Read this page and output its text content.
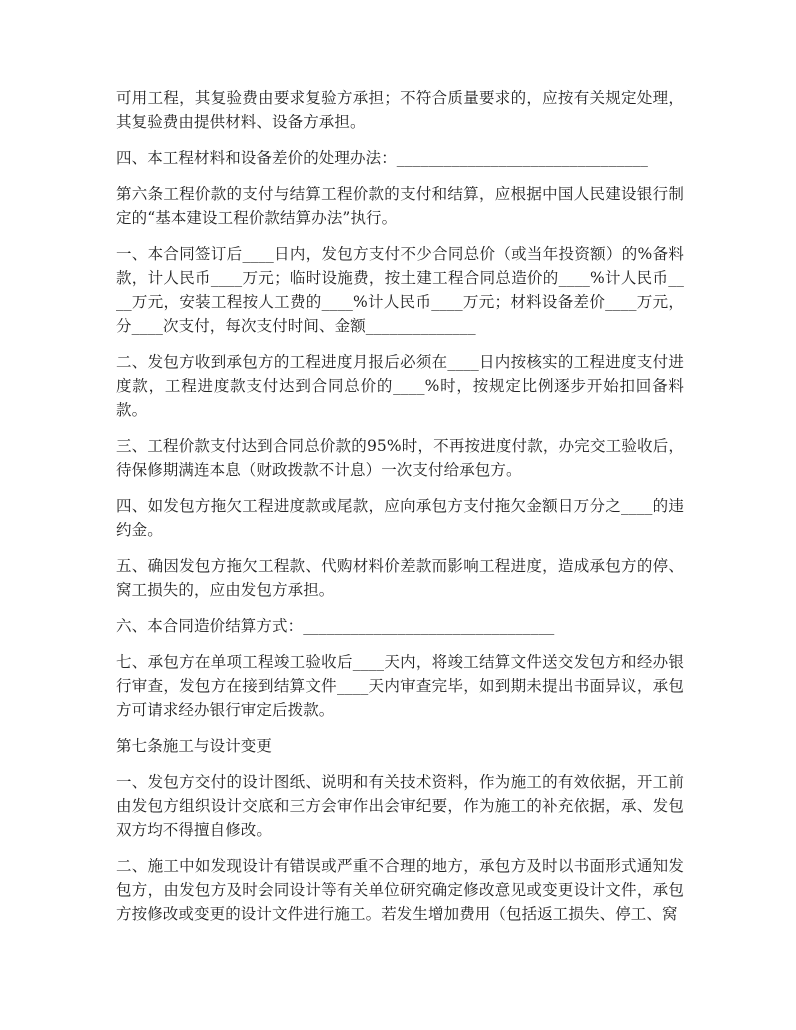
可用工程，其复验费由要求复验方承担；不符合质量要求的，应按有关规定处理，其复验费由提供材料、设备方承担。

四、本工程材料和设备差价的处理办法：________________________________

第六条工程价款的支付与结算工程价款的支付和结算，应根据中国人民建设银行制定的“基本建设工程价款结算办法”执行。

一、本合同签订后____日内，发包方支付不少合同总价（或当年投资额）的%备料款，计人民币____万元；临时设施费，按土建工程合同总造价的____%计人民币____万元，安装工程按人工费的____%计人民币____万元；材料设备差价____万元，分____次支付，每次支付时间、金额______________

二、发包方收到承包方的工程进度月报后必须在____日内按核实的工程进度支付进度款，工程进度款支付达到合同总价的____%时，按规定比例逐步开始扣回备料款。

三、工程价款支付达到合同总价款的95%时，不再按进度付款，办完交工验收后，待保修期满连本息（财政拨款不计息）一次支付给承包方。

四、如发包方拖欠工程进度款或尾款，应向承包方支付拖欠金额日万分之____的违约金。

五、确因发包方拖欠工程款、代购材料价差款而影响工程进度，造成承包方的停、窝工损失的，应由发包方承担。

六、本合同造价结算方式：________________________________

七、承包方在单项工程竣工验收后____天内，将竣工结算文件送交发包方和经办银行审查，发包方在接到结算文件____天内审查完毕，如到期未提出书面异议，承包方可请求经办银行审定后拨款。

第七条施工与设计变更

一、发包方交付的设计图纸、说明和有关技术资料，作为施工的有效依据，开工前由发包方组织设计交底和三方会审作出会审纪要，作为施工的补充依据，承、发包双方均不得擅自修改。

二、施工中如发现设计有错误或严重不合理的地方，承包方及时以书面形式通知发包方，由发包方及时会同设计等有关单位研究确定修改意见或变更设计文件，承包方按修改或变更的设计文件进行施工。若发生增加费用（包括返工损失、停工、窝
